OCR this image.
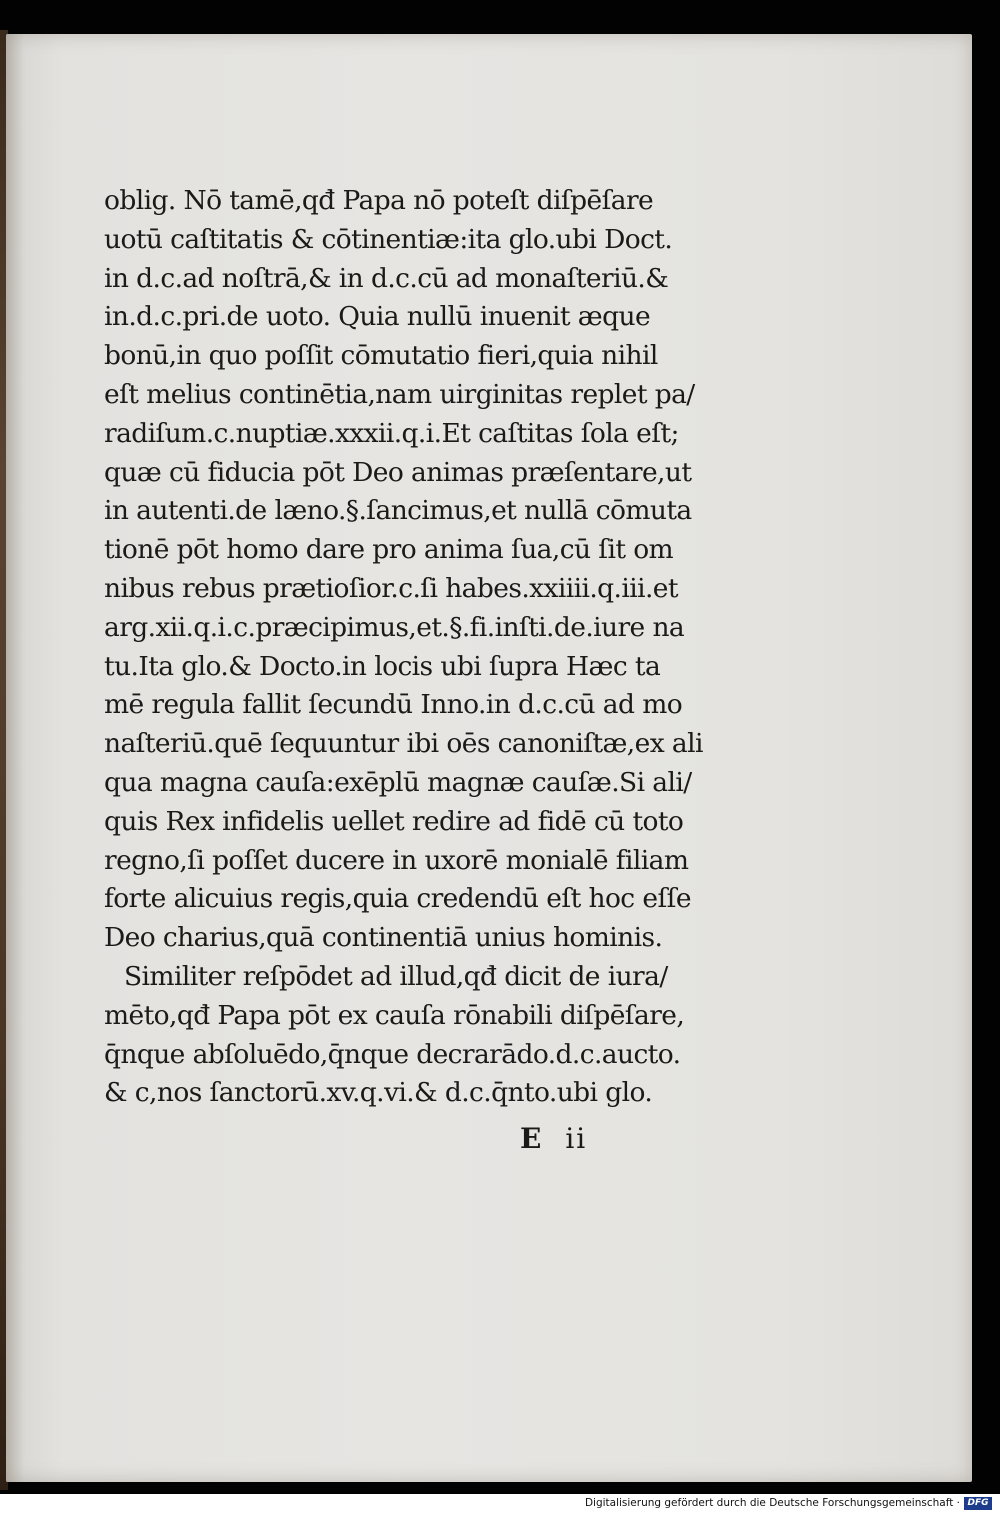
oblig. Nō tamē,qđ Papa nō poteſt diſpēſare
uotū caſtitatis & cōtinentiæ:ita glo.ubi Doct.
in d.c.ad noſtrā,& in d.c.cū ad monaſteriū.&
in.d.c.pri.de uoto. Quia nullū inuenit æque
bonū,in quo poſſit cōmutatio fieri,quia nihil
eſt melius continētia,nam uirginitas replet pa/
radiſum.c.nuptiæ.xxxii.q.i.Et caſtitas ſola eſt;
quæ cū fiducia pōt Deo animas præſentare,ut
in autenti.de læno.§.ſancimus,et nullā cōmuta
tionē pōt homo dare pro anima ſua,cū ſit om
nibus rebus prætioſior.c.ſi habes.xxiiii.q.iii.et
arg.xii.q.i.c.præcipimus,et.§.fi.inſti.de.iure na
tu.Ita glo.& Docto.in locis ubi ſupra Hæc ta
mē regula fallit ſecundū Inno.in d.c.cū ad mo
naſteriū.quē ſequuntur ibi oēs canoniſtæ,ex ali
qua magna cauſa:exēplū magnæ cauſæ.Si ali/
quis Rex infidelis uellet redire ad fidē cū toto
regno,ſi poſſet ducere in uxorē monialē filiam
forte alicuius regis,quia credendū eſt hoc eſſe
Deo charius,quā continentiā unius hominis.
Similiter reſpōdet ad illud,qđ dicit de iura/
mēto,qđ Papa pōt ex cauſa rōnabili diſpēſare,
q̄nque abſoluēdo,q̄nque decrarādo.d.c.aucto.
& c,nos ſanctorū.xv.q.vi.& d.c.q̄nto.ubi glo.
E ii
Digitalisierung gefördert durch die Deutsche Forschungsgemeinschaft · DFG
